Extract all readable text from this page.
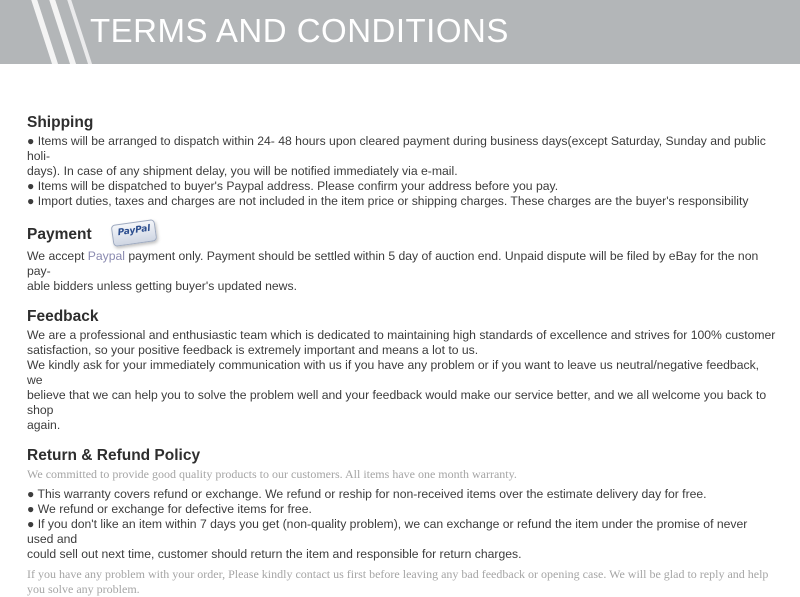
TERMS AND CONDITIONS
Shipping

● Items will be arranged to dispatch within 24- 48 hours upon cleared payment during business days(except Saturday, Sunday and public holi-

days). In case of any shipment delay, you will be notified immediately via e-mail.

● Items will be dispatched to buyer's Paypal address. Please confirm your address before you pay.

● Import duties, taxes and charges are not included in the item price or shipping charges. These charges are the buyer's responsibility

Payment	PayPal

We accept Paypal payment only. Payment should be settled within 5 day of auction end. Unpaid dispute will be filed by eBay for the non pay-

able bidders unless getting buyer's updated news.

Feedback

We are a professional and enthusiastic team which is dedicated to maintaining high standards of excellence and strives for 100% customer

satisfaction, so your positive feedback is extremely important and means a lot to us.

We kindly ask for your immediately communication with us if you have any problem or if you want to leave us neutral/negative feedback, we

believe that we can help you to solve the problem well and your feedback would make our service better, and we all welcome you back to shop

again.

Return & Refund Policy

We committed to provide good quality products to our customers. All items have one month warranty.

● This warranty covers refund or exchange. We refund or reship for non-received items over the estimate delivery day for free.

● We refund or exchange for defective items for free.

● If you don't like an item within 7 days you get (non-quality problem), we can exchange or refund the item under the promise of never used and

could sell out next time, customer should return the item and responsible for return charges.

If you have any problem with your order, Please kindly contact us first before leaving any bad feedback or opening case. We will be glad to reply and help

you solve any problem.
